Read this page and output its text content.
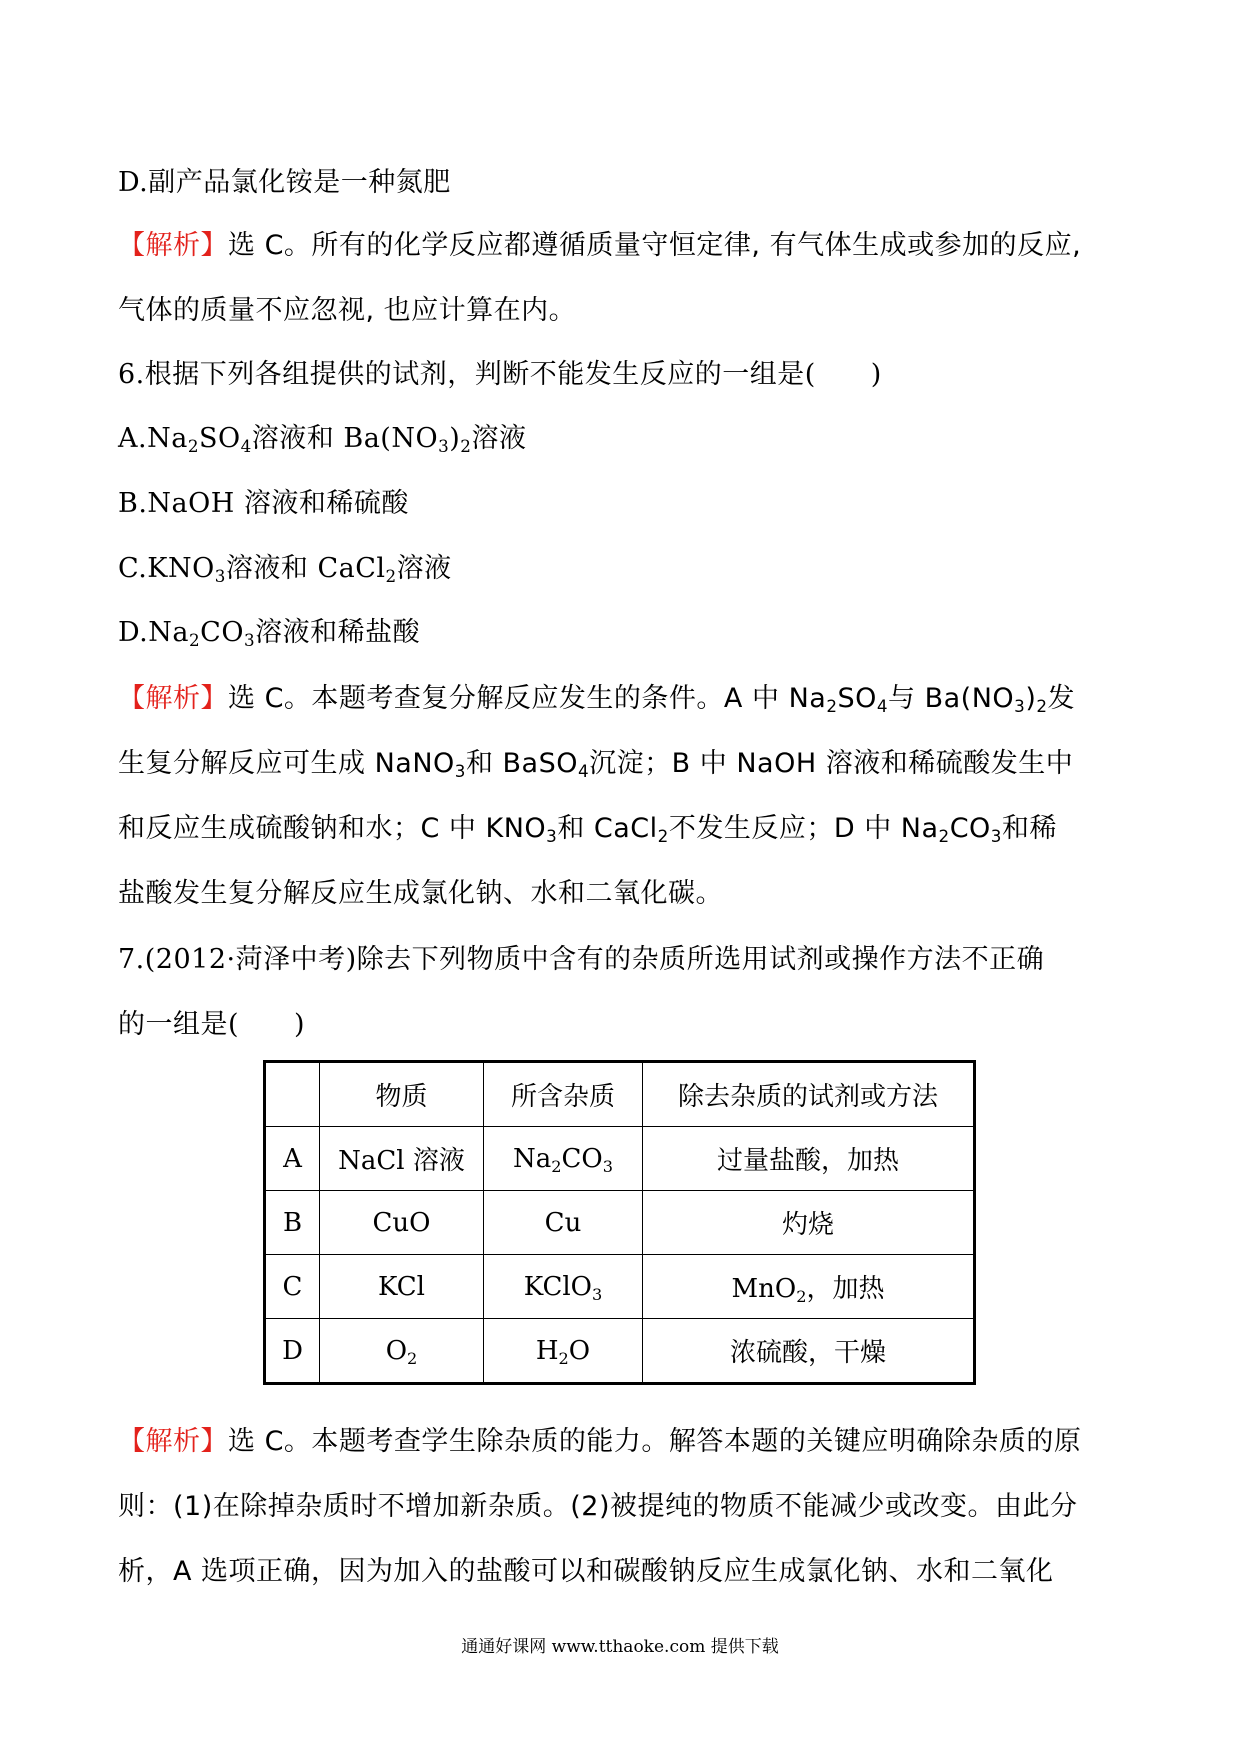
D.副产品氯化铵是一种氮肥
【解析】选 C。所有的化学反应都遵循质量守恒定律, 有气体生成或参加的反应,
气体的质量不应忽视, 也应计算在内。
6.根据下列各组提供的试剂，判断不能发生反应的一组是(　　)
$A.Na_2SO_4$溶液和 $Ba(NO_3)_2$溶液
B.NaOH 溶液和稀硫酸
$C.KNO_3$溶液和 CaCl$_2$溶液
$D.Na_2CO_3$溶液和稀盐酸
【解析】选 C。本题考查复分解反应发生的条件。A 中 $Na_2SO_4$与 $Ba(NO_3)_2$发
生复分解反应可生成 NaNO$_3$和 BaSO$_4$沉淀；B 中 NaOH 溶液和稀硫酸发生中
和反应生成硫酸钠和水；C 中 $KNO_3$和 CaCl$_2$不发生反应；D 中 $Na_2CO_3$和稀
盐酸发生复分解反应生成氯化钠、水和二氧化碳。
7.(2012·菏泽中考)除去下列物质中含有的杂质所选用试剂或操作方法不正确
的一组是(　　)
	物质	所含杂质	除去杂质的试剂或方法
A	NaCl 溶液	$Na_2CO_3$	过量盐酸，加热
B	CuO	Cu	灼烧
C	KCl	KClO$_3$	MnO$_2$，加热
D	$O_2$	$H_2O$	浓硫酸，干燥
【解析】选 C。本题考查学生除杂质的能力。解答本题的关键应明确除杂质的原
则：(1)在除掉杂质时不增加新杂质。(2)被提纯的物质不能减少或改变。由此分
析，A 选项正确，因为加入的盐酸可以和碳酸钠反应生成氯化钠、水和二氧化
通通好课网 www.tthaoke.com 提供下载
